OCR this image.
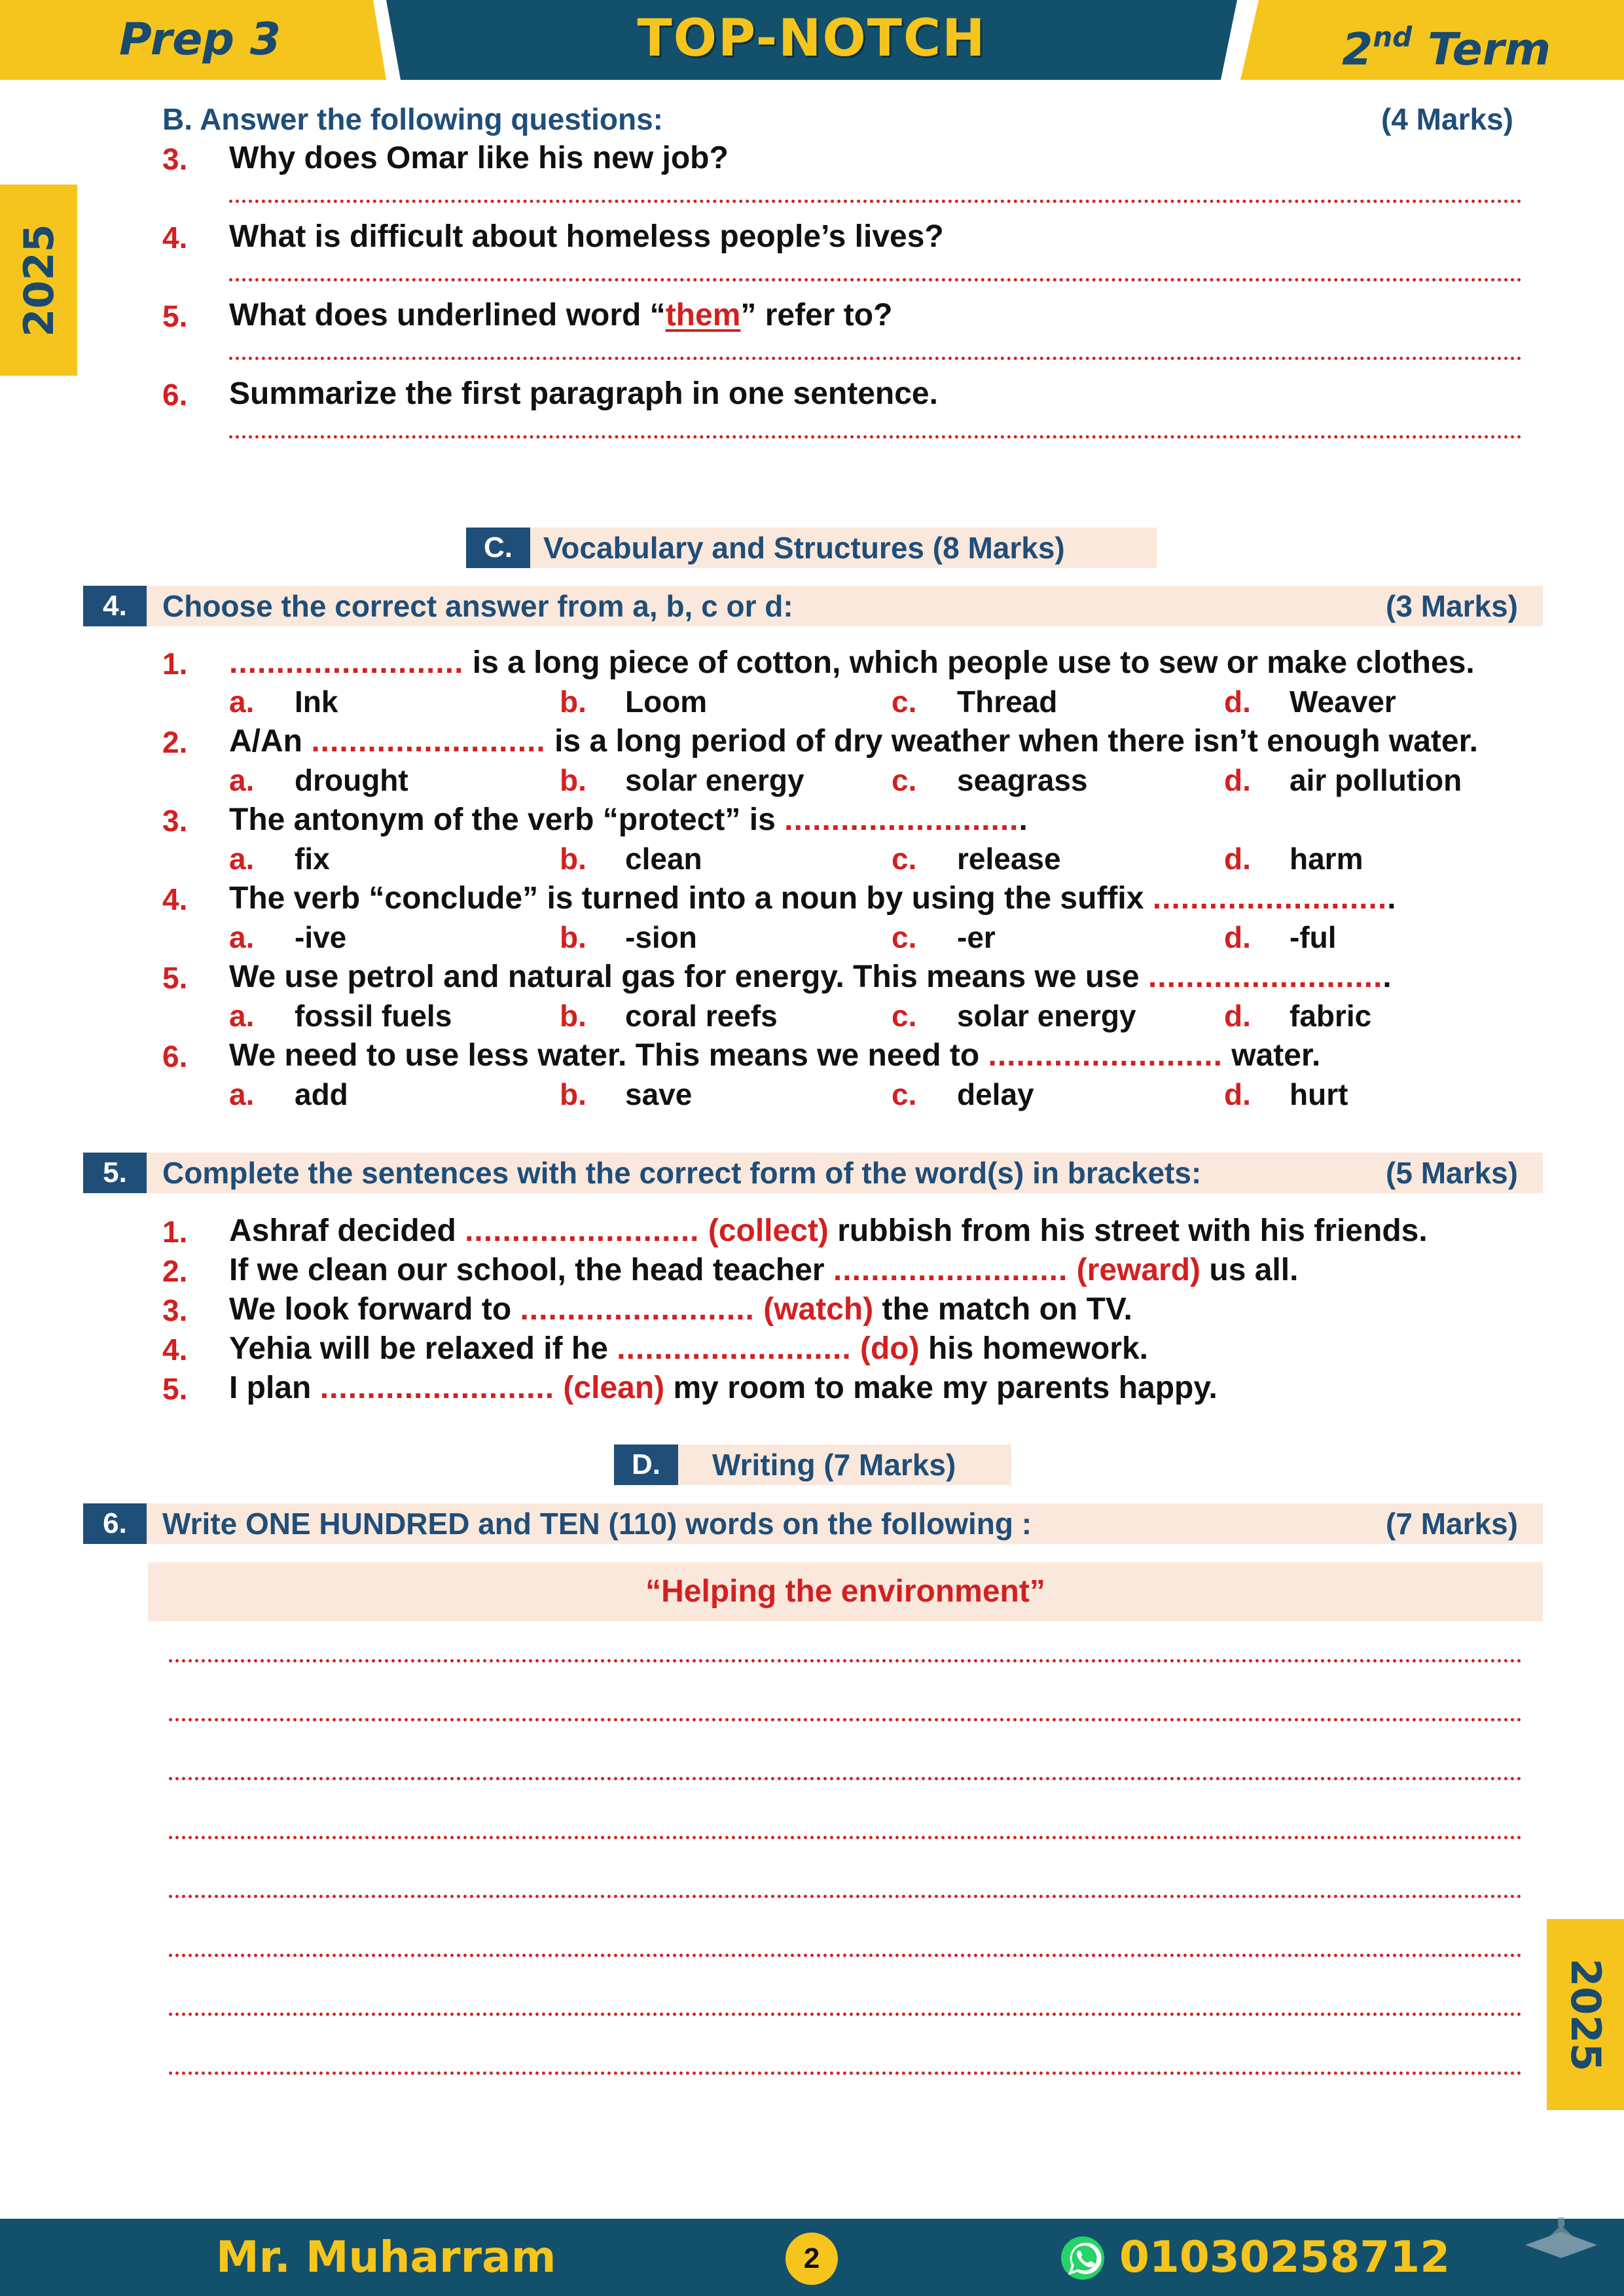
Prep 3	TOP-NOTCH	2nd Term
2025
2025
B. Answer the following questions:	(4 Marks)
3. Why does Omar like his new job?
4. What is difficult about homeless people’s lives?
5. What does underlined word “them” refer to?
6. Summarize the first paragraph in one sentence.
C.	Vocabulary and Structures (8 Marks)
4.	Choose the correct answer from a, b, c or d:	(3 Marks)
1. ......................... is a long piece of cotton, which people use to sew or make clothes.
a. Ink	b. Loom	c. Thread	d. Weaver
2. A/An ......................... is a long period of dry weather when there isn’t enough water.
a. drought	b. solar energy	c. seagrass	d. air pollution
3. The antonym of the verb “protect” is ..........................
a. fix	b. clean	c. release	d. harm
4. The verb “conclude” is turned into a noun by using the suffix ..........................
a. -ive	b. -sion	c. -er	d. -ful
5. We use petrol and natural gas for energy. This means we use ..........................
a. fossil fuels	b. coral reefs	c. solar energy	d. fabric
6. We need to use less water. This means we need to ......................... water.
a. add	b. save	c. delay	d. hurt
5.	Complete the sentences with the correct form of the word(s) in brackets:	(5 Marks)
1. Ashraf decided ......................... (collect) rubbish from his street with his friends.
2. If we clean our school, the head teacher ......................... (reward) us all.
3. We look forward to ......................... (watch) the match on TV.
4. Yehia will be relaxed if he ......................... (do) his homework.
5. I plan ......................... (clean) my room to make my parents happy.
D.	Writing (7 Marks)
6.	Write ONE HUNDRED and TEN (110) words on the following :	(7 Marks)
“Helping the environment”
Mr. Muharram	2	01030258712
